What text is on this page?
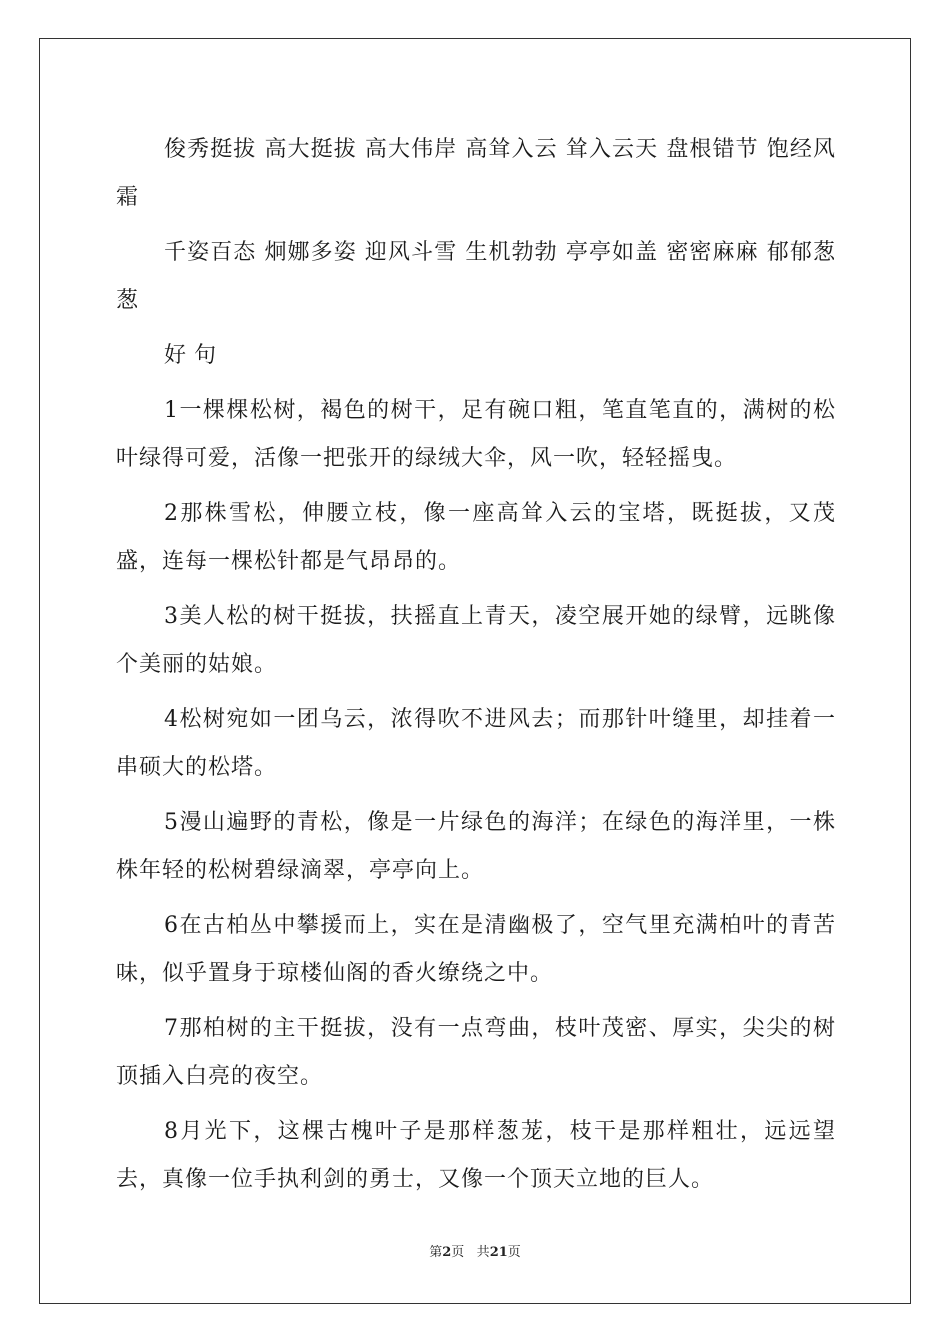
俊秀挺拔 高大挺拔 高大伟岸 高耸入云 耸入云天 盘根错节 饱经风霜

千姿百态 炯娜多姿 迎风斗雪 生机勃勃 亭亭如盖 密密麻麻 郁郁葱葱

好句

1一棵棵松树，褐色的树干，足有碗口粗，笔直笔直的，满树的松叶绿得可爱，活像一把张开的绿绒大伞，风一吹，轻轻摇曳。

2那株雪松，伸腰立枝，像一座高耸入云的宝塔，既挺拔，又茂盛，连每一棵松针都是气昂昂的。

3美人松的树干挺拔，扶摇直上青天，凌空展开她的绿臂，远眺像个美丽的姑娘。

4松树宛如一团乌云，浓得吹不进风去；而那针叶缝里，却挂着一串硕大的松塔。

5漫山遍野的青松，像是一片绿色的海洋；在绿色的海洋里，一株株年轻的松树碧绿滴翠，亭亭向上。

6在古柏丛中攀援而上，实在是清幽极了，空气里充满柏叶的青苦味，似乎置身于琼楼仙阁的香火缭绕之中。

7那柏树的主干挺拔，没有一点弯曲，枝叶茂密、厚实，尖尖的树顶插入白亮的夜空。

8月光下，这棵古槐叶子是那样葱茏，枝干是那样粗壮，远远望去，真像一位手执利剑的勇士，又像一个顶天立地的巨人。

第2页 共21页
